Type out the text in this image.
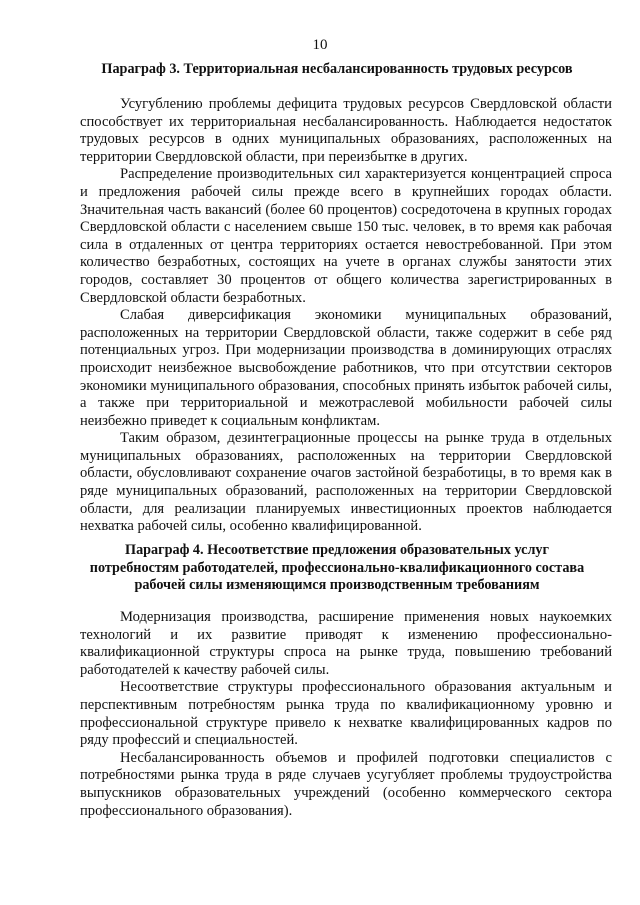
10
Параграф 3. Территориальная несбалансированность трудовых ресурсов

Усугублению проблемы дефицита трудовых ресурсов Свердловской области способствует их территориальная несбалансированность. Наблюдается недостаток трудовых ресурсов в одних муниципальных образованиях, расположенных на территории Свердловской области, при переизбытке в других.

Распределение производительных сил характеризуется концентрацией спроса и предложения рабочей силы прежде всего в крупнейших городах области. Значительная часть вакансий (более 60 процентов) сосредоточена в крупных городах Свердловской области с населением свыше 150 тыс. человек, в то время как рабочая сила в отдаленных от центра территориях остается невостребованной. При этом количество безработных, состоящих на учете в органах службы занятости этих городов, составляет 30 процентов от общего количества зарегистрированных в Свердловской области безработных.

Слабая диверсификация экономики муниципальных образований, расположенных на территории Свердловской области, также содержит в себе ряд потенциальных угроз. При модернизации производства в доминирующих отраслях происходит неизбежное высвобождение работников, что при отсутствии секторов экономики муниципального образования, способных принять избыток рабочей силы, а также при территориальной и межотраслевой мобильности рабочей силы неизбежно приведет к социальным конфликтам.

Таким образом, дезинтеграционные процессы на рынке труда в отдельных муниципальных образованиях, расположенных на территории Свердловской области, обусловливают сохранение очагов застойной безработицы, в то время как в ряде муниципальных образований, расположенных на территории Свердловской области, для реализации планируемых инвестиционных проектов наблюдается нехватка рабочей силы, особенно квалифицированной.

Параграф 4. Несоответствие предложения образовательных услуг
потребностям работодателей, профессионально-квалификационного состава
рабочей силы изменяющимся производственным требованиям

Модернизация производства, расширение применения новых наукоемких технологий и их развитие приводят к изменению профессионально-квалификационной структуры спроса на рынке труда, повышению требований работодателей к качеству рабочей силы.

Несоответствие структуры профессионального образования актуальным и перспективным потребностям рынка труда по квалификационному уровню и профессиональной структуре привело к нехватке квалифицированных кадров по ряду профессий и специальностей.

Несбалансированность объемов и профилей подготовки специалистов с потребностями рынка труда в ряде случаев усугубляет проблемы трудоустройства выпускников образовательных учреждений (особенно коммерческого сектора профессионального образования).
